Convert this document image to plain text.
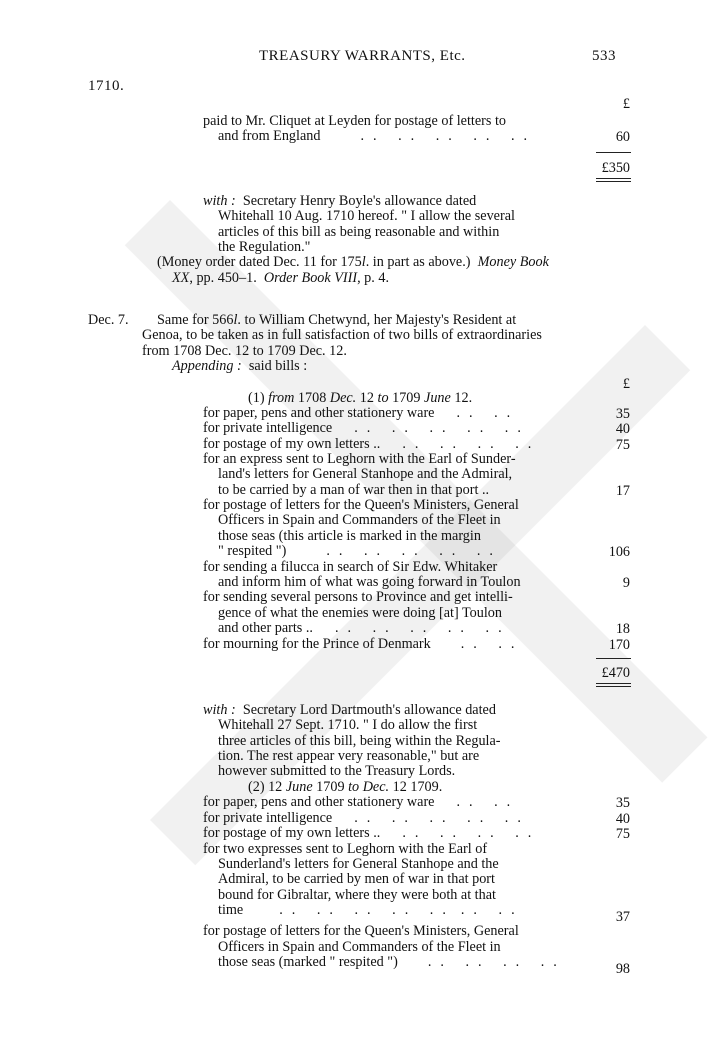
TREASURY WARRANTS, Etc.	533
1710.
£
paid to Mr. Cliquet at Leyden for postage of letters to
and from England	.. .. .. .. ..	60
£350
with : Secretary Henry Boyle's allowance dated
Whitehall 10 Aug. 1710 hereof. " I allow the several
articles of this bill as being reasonable and within
the Regulation."
(Money order dated Dec. 11 for 175l. in part as above.) Money Book
XX, pp. 450–1. Order Book VIII, p. 4.
Dec. 7. Same for 566l. to William Chetwynd, her Majesty's Resident at
Genoa, to be taken as in full satisfaction of two bills of extraordinaries
from 1708 Dec. 12 to 1709 Dec. 12.
Appending : said bills :
£
(1) from 1708 Dec. 12 to 1709 June 12.
for paper, pens and other stationery ware .. ..	35
for private intelligence .. .. .. .. ..	40
for postage of my own letters .. .. .. .. ..	75
for an express sent to Leghorn with the Earl of Sunder-
land's letters for General Stanhope and the Admiral,
to be carried by a man of war then in that port ..	17
for postage of letters for the Queen's Ministers, General
Officers in Spain and Commanders of the Fleet in
those seas (this article is marked in the margin
" respited ")	.. .. .. .. ..	106
for sending a filucca in search of Sir Edw. Whitaker
and inform him of what was going forward in Toulon	9
for sending several persons to Province and get intelli-
gence of what the enemies were doing [at] Toulon
and other parts .. .. .. .. .. ..	18
for mourning for the Prince of Denmark .. ..	170
£470
with : Secretary Lord Dartmouth's allowance dated
Whitehall 27 Sept. 1710. " I do allow the first
three articles of this bill, being within the Regula-
tion. The rest appear very reasonable," but are
however submitted to the Treasury Lords.
(2) 12 June 1709 to Dec. 12 1709.
for paper, pens and other stationery ware .. ..	35
for private intelligence .. .. .. .. ..	40
for postage of my own letters .. .. .. .. ..	75
for two expresses sent to Leghorn with the Earl of
Sunderland's letters for General Stanhope and the
Admiral, to be carried by men of war in that port
bound for Gibraltar, where they were both at that
time	.. .. .. .. .. .. ..	37
for postage of letters for the Queen's Ministers, General
Officers in Spain and Commanders of the Fleet in
those seas (marked " respited ") .. .. .. ..	98
